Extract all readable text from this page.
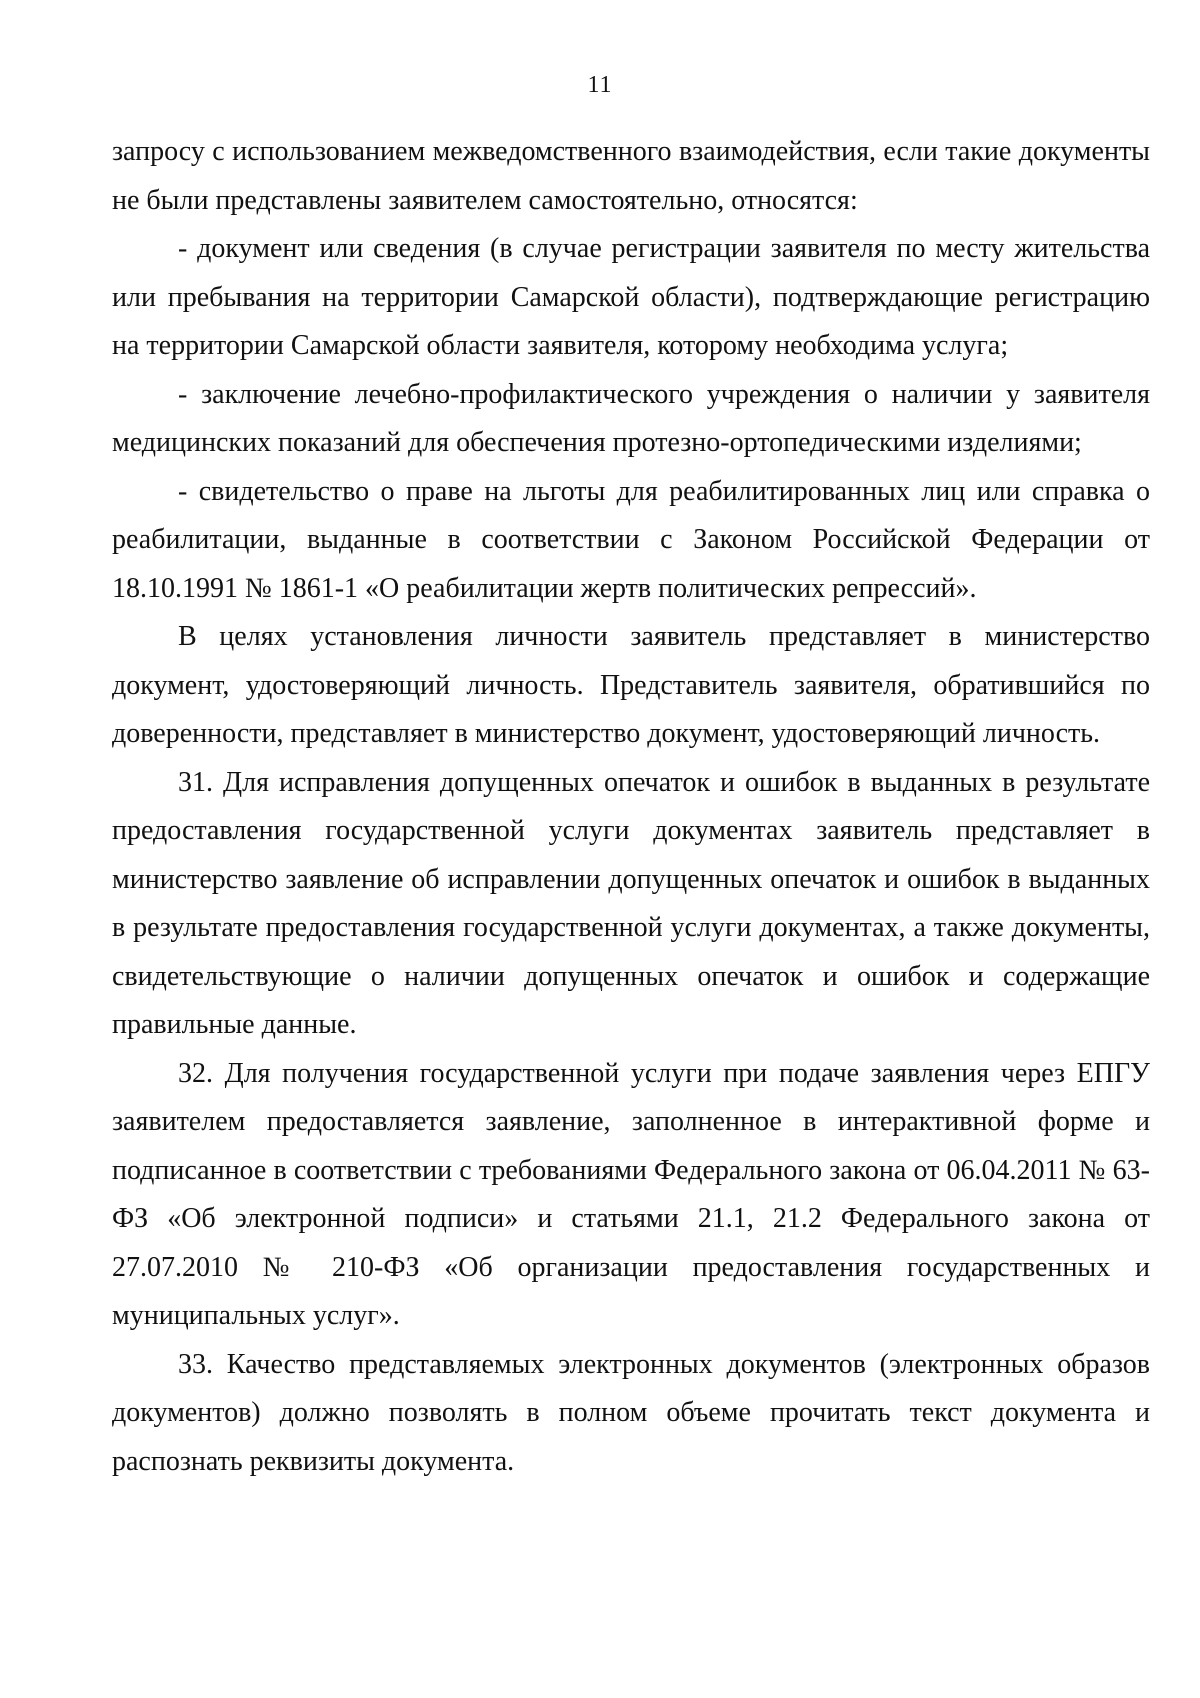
11

запросу с использованием межведомственного взаимодействия, если такие документы не были представлены заявителем самостоятельно, относятся:

- документ или сведения (в случае регистрации заявителя по месту жительства или пребывания на территории Самарской области), подтверждающие регистрацию на территории Самарской области заявителя, которому необходима услуга;

- заключение лечебно-профилактического учреждения о наличии у заявителя медицинских показаний для обеспечения протезно-ортопедическими изделиями;

- свидетельство о праве на льготы для реабилитированных лиц или справка о реабилитации, выданные в соответствии с Законом Российской Федерации от 18.10.1991 № 1861-1 «О реабилитации жертв политических репрессий».

В целях установления личности заявитель представляет в министерство документ, удостоверяющий личность. Представитель заявителя, обратившийся по доверенности, представляет в министерство документ, удостоверяющий личность.

31. Для исправления допущенных опечаток и ошибок в выданных в результате предоставления государственной услуги документах заявитель представляет в министерство заявление об исправлении допущенных опечаток и ошибок в выданных в результате предоставления государственной услуги документах, а также документы, свидетельствующие о наличии допущенных опечаток и ошибок и содержащие правильные данные.

32. Для получения государственной услуги при подаче заявления через ЕПГУ заявителем предоставляется заявление, заполненное в интерактивной форме и подписанное в соответствии с требованиями Федерального закона от 06.04.2011 № 63-ФЗ «Об электронной подписи» и статьями 21.1, 21.2 Федерального закона от 27.07.2010 № 210-ФЗ «Об организации предоставления государственных и муниципальных услуг».

33. Качество представляемых электронных документов (электронных образов документов) должно позволять в полном объеме прочитать текст документа и распознать реквизиты документа.
